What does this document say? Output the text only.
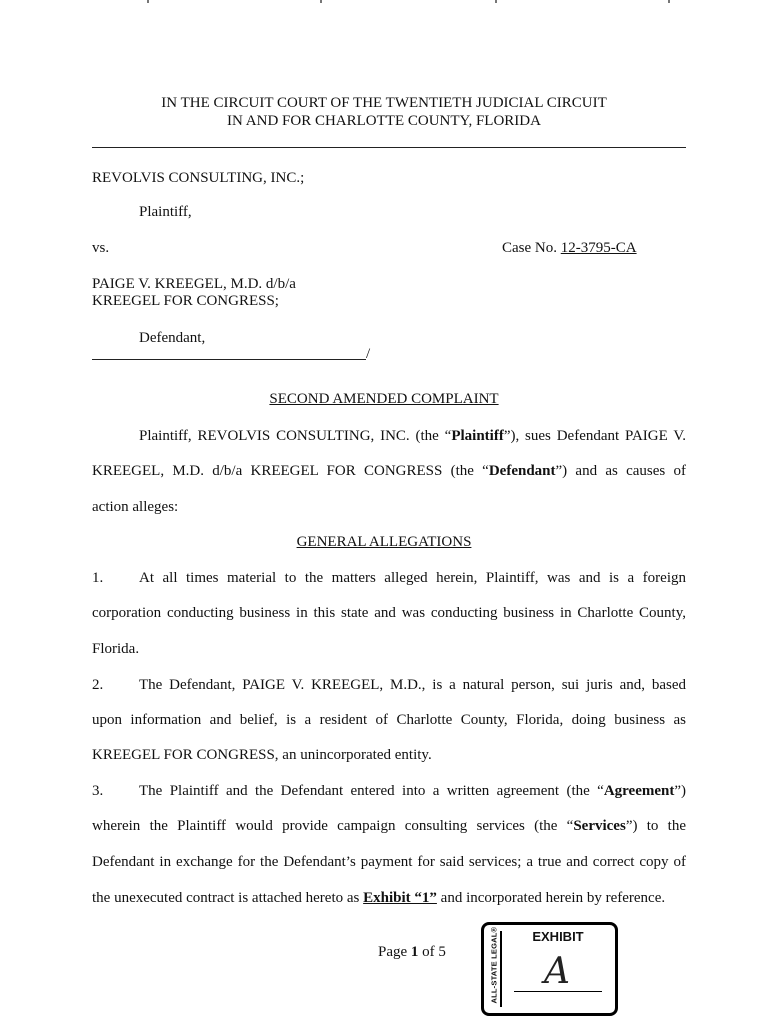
IN THE CIRCUIT COURT OF THE TWENTIETH JUDICIAL CIRCUIT
IN AND FOR CHARLOTTE COUNTY, FLORIDA
REVOLVIS CONSULTING, INC.;
Plaintiff,
vs.	Case No. 12-3795-CA
PAIGE V. KREEGEL, M.D. d/b/a
KREEGEL FOR CONGRESS;
Defendant,
/
SECOND AMENDED COMPLAINT
Plaintiff, REVOLVIS CONSULTING, INC. (the “Plaintiff”), sues Defendant PAIGE V.
KREEGEL, M.D. d/b/a KREEGEL FOR CONGRESS (the “Defendant”) and as causes of
action alleges:
GENERAL ALLEGATIONS
1. At all times material to the matters alleged herein, Plaintiff, was and is a foreign
corporation conducting business in this state and was conducting business in Charlotte County,
Florida.
2. The Defendant, PAIGE V. KREEGEL, M.D., is a natural person, sui juris and, based
upon information and belief, is a resident of Charlotte County, Florida, doing business as
KREEGEL FOR CONGRESS, an unincorporated entity.
3. The Plaintiff and the Defendant entered into a written agreement (the “Agreement”)
wherein the Plaintiff would provide campaign consulting services (the “Services”) to the
Defendant in exchange for the Defendant’s payment for said services; a true and correct copy of
the unexecuted contract is attached hereto as Exhibit “1” and incorporated herein by reference.
Page 1 of 5	ALL-STATE LEGAL®	EXHIBIT
A
